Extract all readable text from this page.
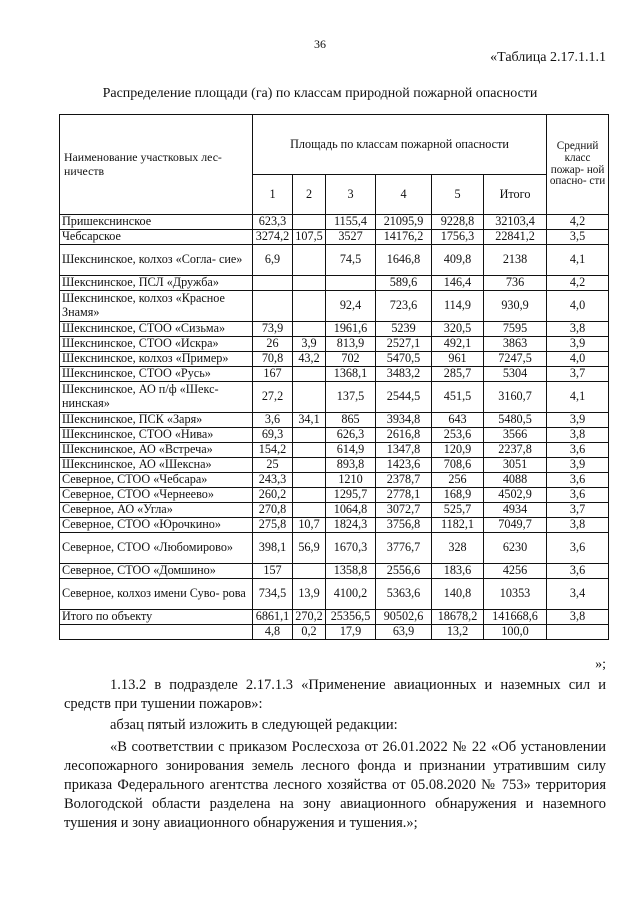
36
«Таблица 2.17.1.1.1
Распределение площади (га) по классам природной пожарной опасности
Наименование участковых лес- ничеств	Площадь по классам пожарной опасности						Средний класс пожар- ной опасно- сти
	1	2	3	4	5	Итого	
Пришекснинское	623,3		1155,4	21095,9	9228,8	32103,4	4,2
Чебсарское	3274,2	107,5	3527	14176,2	1756,3	22841,2	3,5
Шекснинское, колхоз «Согла- сие»	6,9		74,5	1646,8	409,8	2138	4,1
Шекснинское, ПСЛ «Дружба»				589,6	146,4	736	4,2
Шекснинское, колхоз «Красное Знамя»			92,4	723,6	114,9	930,9	4,0
Шекснинское, СТОО «Сизьма»	73,9		1961,6	5239	320,5	7595	3,8
Шекснинское, СТОО «Искра»	26	3,9	813,9	2527,1	492,1	3863	3,9
Шекснинское, колхоз «Пример»	70,8	43,2	702	5470,5	961	7247,5	4,0
Шекснинское, СТОО «Русь»	167		1368,1	3483,2	285,7	5304	3,7
Шекснинское, АО п/ф «Шекс- нинская»	27,2		137,5	2544,5	451,5	3160,7	4,1
Шекснинское, ПСК «Заря»	3,6	34,1	865	3934,8	643	5480,5	3,9
Шекснинское, СТОО «Нива»	69,3		626,3	2616,8	253,6	3566	3,8
Шекснинское, АО «Встреча»	154,2		614,9	1347,8	120,9	2237,8	3,6
Шекснинское, АО «Шексна»	25		893,8	1423,6	708,6	3051	3,9
Северное, СТОО «Чебсара»	243,3		1210	2378,7	256	4088	3,6
Северное, СТОО «Чернеево»	260,2		1295,7	2778,1	168,9	4502,9	3,6
Северное, АО «Угла»	270,8		1064,8	3072,7	525,7	4934	3,7
Северное, СТОО «Юрочкино»	275,8	10,7	1824,3	3756,8	1182,1	7049,7	3,8
Северное, СТОО «Любомирово»	398,1	56,9	1670,3	3776,7	328	6230	3,6
Северное, СТОО «Домшино»	157		1358,8	2556,6	183,6	4256	3,6
Северное, колхоз имени Суво- рова	734,5	13,9	4100,2	5363,6	140,8	10353	3,4
Итого по объекту	6861,1	270,2	25356,5	90502,6	18678,2	141668,6	3,8
	4,8	0,2	17,9	63,9	13,2	100,0	
»;
1.13.2 в подразделе 2.17.1.3 «Применение авиационных и наземных сил и средств при тушении пожаров»:
абзац пятый изложить в следующей редакции:
«В соответствии с приказом Рослесхоза от 26.01.2022 № 22 «Об установлении лесопожарного зонирования земель лесного фонда и признании утратившим силу приказа Федерального агентства лесного хозяйства от 05.08.2020 № 753» территория Вологодской области разделена на зону авиационного обнаружения и наземного тушения и зону авиационного обнаружения и тушения.»;
